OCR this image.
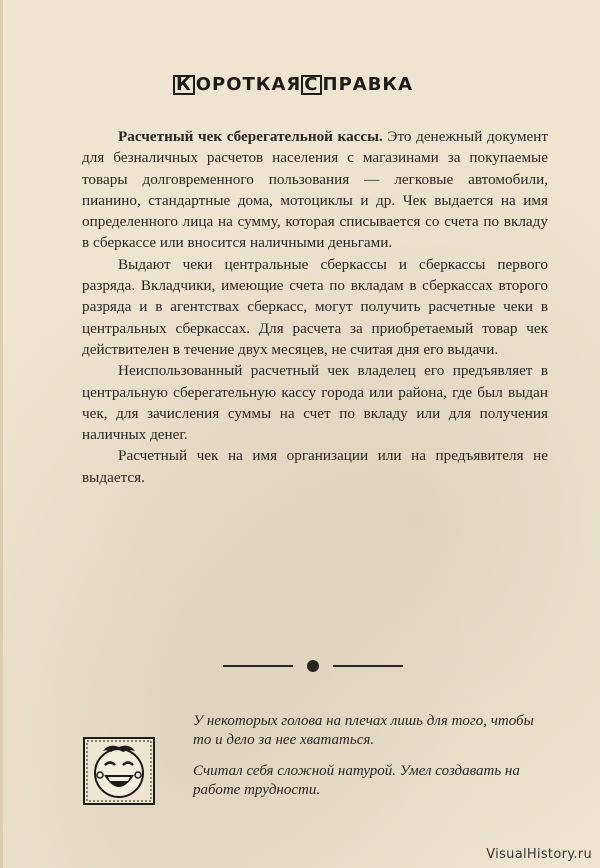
К ОРОТКАЯ С ПРАВКА

Расчетный чек сберегательной кассы. Это денежный документ для безналичных расчетов населения с магазинами за покупаемые товары долговременного пользования — легковые автомобили, пианино, стандартные дома, мотоциклы и др. Чек выдается на имя определенного лица на сумму, которая списывается со счета по вкладу в сберкассе или вносится наличными деньгами.

Выдают чеки центральные сберкассы и сберкассы первого разряда. Вкладчики, имеющие счета по вкладам в сберкассах второго разряда и в агентствах сберкасс, могут получить расчетные чеки в центральных сберкассах. Для расчета за приобретаемый товар чек действителен в течение двух месяцев, не считая дня его выдачи.

Неиспользованный расчетный чек владелец его предъявляет в центральную сберегательную кассу города или района, где был выдан чек, для зачисления суммы на счет по вкладу или для получения наличных денег.

Расчетный чек на имя организации или на предъявителя не выдается.

У некоторых голова на плечах лишь для того, чтобы то и дело за нее хвататься.

Считал себя сложной натурой. Умел создавать на работе трудности.

VisualHistory.ru
